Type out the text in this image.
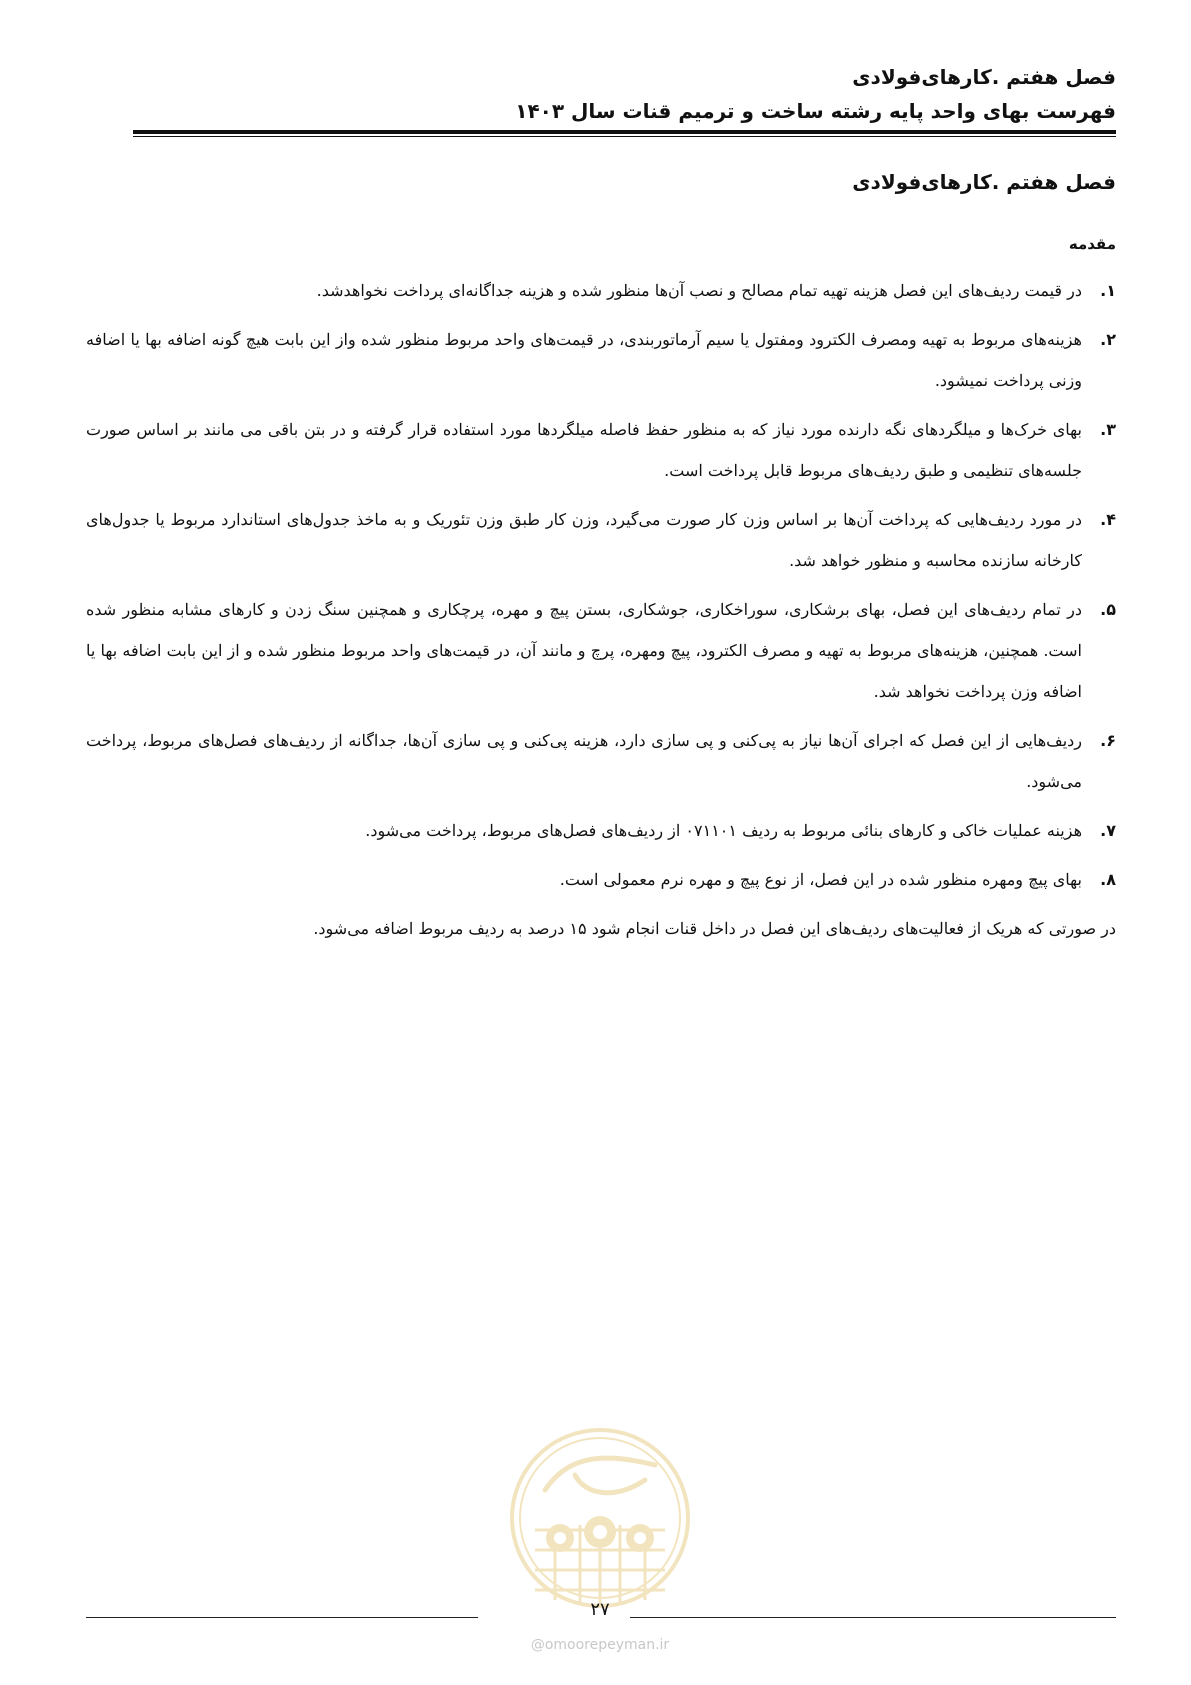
فصل هفتم .کارهای‌فولادی
فهرست بهای واحد پایه رشته ساخت و ترمیم قنات سال ۱۴۰۳
فصل هفتم .کارهای‌فولادی
مقدمه
۱.
در قیمت ردیف‌های این فصل هزینه تهیه تمام مصالح و نصب آن‌ها منظور شده و هزینه جداگانه‌ای پرداخت نخواهدشد.
۲.
هزینه‌های مربوط به تهیه ومصرف الکترود ومفتول یا سیم آرماتوربندی، در قیمت‌های واحد مربوط منظور شده واز این بابت هیچ گونه اضافه بها یا اضافه وزنی پرداخت نمیشود.
۳.
بهای خرک‌ها و میلگردهای نگه دارنده مورد نیاز که به منظور حفظ فاصله میلگردها مورد استفاده قرار گرفته و در بتن باقی می مانند بر اساس صورت جلسه‌های تنظیمی و طبق ردیف‌های مربوط قابل پرداخت است.
۴.
در مورد ردیف‌هایی که پرداخت آن‌ها بر اساس وزن کار صورت می‌گیرد، وزن کار طبق وزن تئوریک و به ماخذ جدول‌های استاندارد مربوط یا جدول‌های کارخانه سازنده محاسبه و منظور خواهد شد.
۵.
در تمام ردیف‌های این فصل، بهای برشکاری، سوراخکاری، جوشکاری، بستن پیچ و مهره، پرچکاری و همچنین سنگ زدن و کارهای مشابه منظور شده است. همچنین، هزینه‌های مربوط به تهیه و مصرف الکترود، پیچ ومهره، پرچ و مانند آن، در قیمت‌های واحد مربوط منظور شده و از این بابت اضافه بها یا اضافه وزن پرداخت نخواهد شد.
۶.
ردیف‌هایی از این فصل که اجرای آن‌ها نیاز به پی‌کنی و پی سازی دارد، هزینه پی‌کنی و پی سازی آن‌ها، جداگانه از ردیف‌های فصل‌های مربوط، پرداخت می‌شود.
۷.
هزینه عملیات خاکی و کارهای بنائی مربوط به ردیف ۰۷۱۱۰۱ از ردیف‌های فصل‌های مربوط، پرداخت می‌شود.
۸.
بهای پیچ ومهره منظور شده در این فصل، از نوع پیچ و مهره نرم معمولی است.
در صورتی که هریک از فعالیت‌های ردیف‌های این فصل در داخل قنات انجام شود ۱۵ درصد به ردیف مربوط اضافه می‌شود.
۲۷
@omoorepeyman.ir
